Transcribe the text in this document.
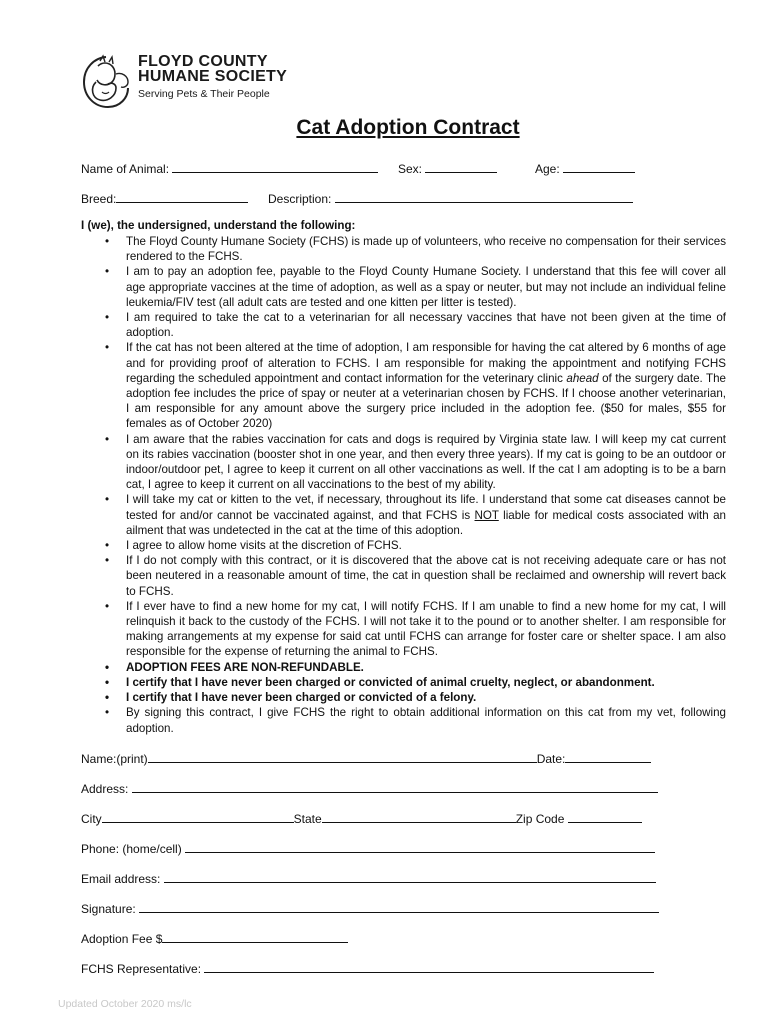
FLOYD COUNTY
HUMANE SOCIETY
Serving Pets & Their People
Cat Adoption Contract
Name of Animal:	Sex:	Age:
Breed:	Description:
I (we), the undersigned, understand the following:
• The Floyd County Humane Society (FCHS) is made up of volunteers, who receive no compensation for their services rendered to the FCHS.
• I am to pay an adoption fee, payable to the Floyd County Humane Society. I understand that this fee will cover all age appropriate vaccines at the time of adoption, as well as a spay or neuter, but may not include an individual feline leukemia/FIV test (all adult cats are tested and one kitten per litter is tested).
• I am required to take the cat to a veterinarian for all necessary vaccines that have not been given at the time of adoption.
• If the cat has not been altered at the time of adoption, I am responsible for having the cat altered by 6 months of age and for providing proof of alteration to FCHS. I am responsible for making the appointment and notifying FCHS regarding the scheduled appointment and contact information for the veterinary clinic ahead of the surgery date. The adoption fee includes the price of spay or neuter at a veterinarian chosen by FCHS. If I choose another veterinarian, I am responsible for any amount above the surgery price included in the adoption fee. ($50 for males, $55 for females as of October 2020)
• I am aware that the rabies vaccination for cats and dogs is required by Virginia state law. I will keep my cat current on its rabies vaccination (booster shot in one year, and then every three years). If my cat is going to be an outdoor or indoor/outdoor pet, I agree to keep it current on all other vaccinations as well. If the cat I am adopting is to be a barn cat, I agree to keep it current on all vaccinations to the best of my ability.
• I will take my cat or kitten to the vet, if necessary, throughout its life. I understand that some cat diseases cannot be tested for and/or cannot be vaccinated against, and that FCHS is NOT liable for medical costs associated with an ailment that was undetected in the cat at the time of this adoption.
• I agree to allow home visits at the discretion of FCHS.
• If I do not comply with this contract, or it is discovered that the above cat is not receiving adequate care or has not been neutered in a reasonable amount of time, the cat in question shall be reclaimed and ownership will revert back to FCHS.
• If I ever have to find a new home for my cat, I will notify FCHS. If I am unable to find a new home for my cat, I will relinquish it back to the custody of the FCHS. I will not take it to the pound or to another shelter. I am responsible for making arrangements at my expense for said cat until FCHS can arrange for foster care or shelter space. I am also responsible for the expense of returning the animal to FCHS.
• ADOPTION FEES ARE NON-REFUNDABLE.
• I certify that I have never been charged or convicted of animal cruelty, neglect, or abandonment.
• I certify that I have never been charged or convicted of a felony.
• By signing this contract, I give FCHS the right to obtain additional information on this cat from my vet, following adoption.
Name:(print)	Date:
Address:
City	State	Zip Code
Phone: (home/cell)
Email address:
Signature:
Adoption Fee $
FCHS Representative:
Updated October 2020 ms/lc
